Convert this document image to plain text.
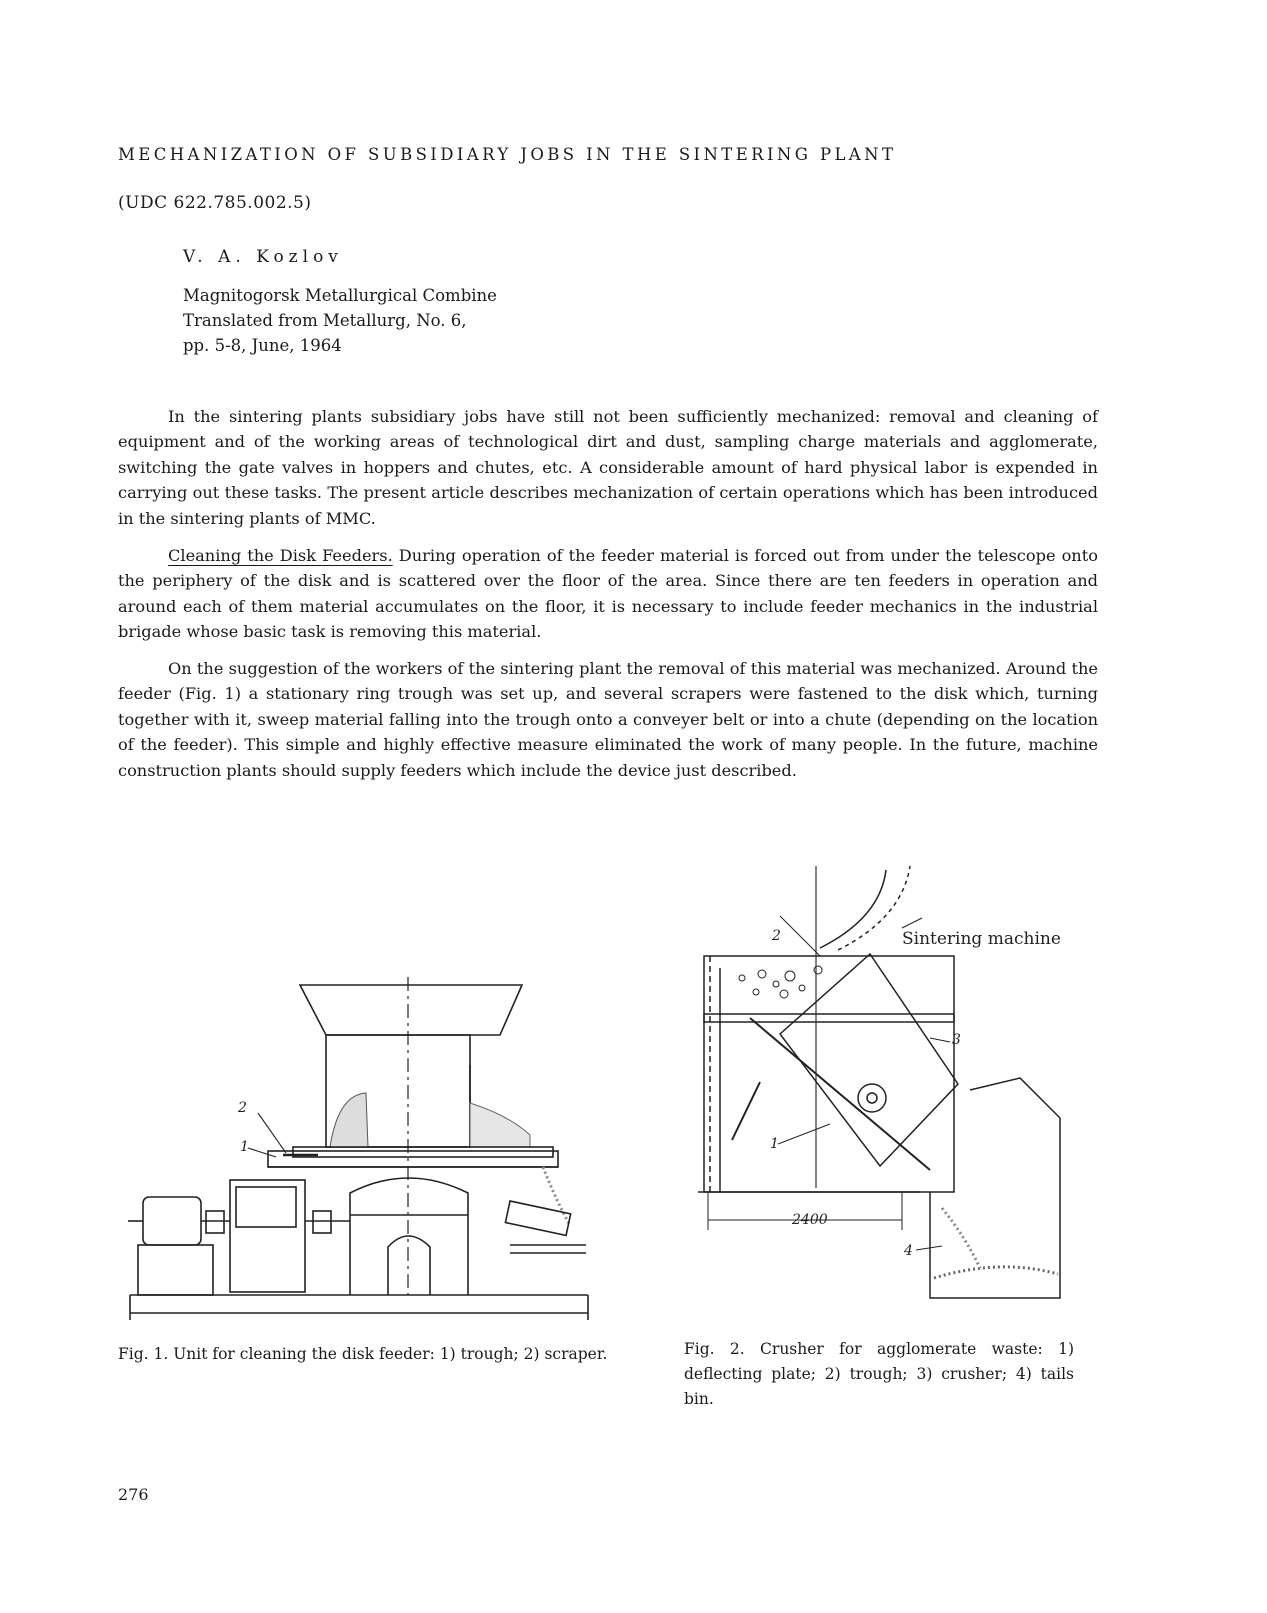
MECHANIZATION OF SUBSIDIARY JOBS IN THE SINTERING PLANT
(UDC 622.785.002.5)
V. A. Kozlov
Magnitogorsk Metallurgical Combine
Translated from Metallurg, No. 6,
pp. 5-8, June, 1964
In the sintering plants subsidiary jobs have still not been sufficiently mechanized: removal and cleaning of equipment and of the working areas of technological dirt and dust, sampling charge materials and agglomerate, switching the gate valves in hoppers and chutes, etc. A considerable amount of hard physical labor is expended in carrying out these tasks. The present article describes mechanization of certain operations which has been introduced in the sintering plants of MMC.
Cleaning the Disk Feeders. During operation of the feeder material is forced out from under the telescope onto the periphery of the disk and is scattered over the floor of the area. Since there are ten feeders in operation and around each of them material accumulates on the floor, it is necessary to include feeder mechanics in the industrial brigade whose basic task is removing this material.
On the suggestion of the workers of the sintering plant the removal of this material was mechanized. Around the feeder (Fig. 1) a stationary ring trough was set up, and several scrapers were fastened to the disk which, turning together with it, sweep material falling into the trough onto a conveyer belt or into a chute (depending on the location of the feeder). This simple and highly effective measure eliminated the work of many people. In the future, machine construction plants should supply feeders which include the device just described.
2
1
Sintering machine
2
1
3
4
2400
Fig. 1. Unit for cleaning the disk feeder: 1) trough; 2) scraper.	Fig. 2. Crusher for agglomerate waste: 1) deflecting plate; 2) trough; 3) crusher; 4) tails bin.
276
